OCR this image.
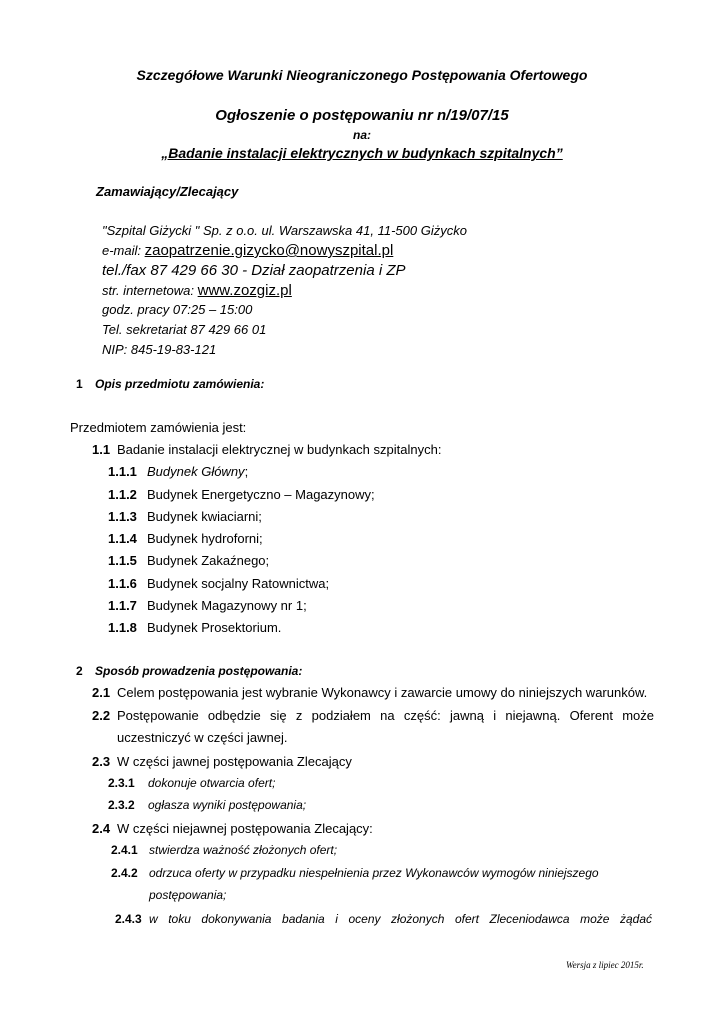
Szczegółowe Warunki Nieograniczonego Postępowania Ofertowego
Ogłoszenie o postępowaniu nr n/19/07/15
na:
„Badanie instalacji elektrycznych w budynkach szpitalnych”
Zamawiający/Zlecający
"Szpital Giżycki " Sp. z o.o. ul. Warszawska 41, 11-500 Giżycko
e-mail: zaopatrzenie.gizycko@nowyszpital.pl
tel./fax 87 429 66 30 - Dział zaopatrzenia i ZP
str. internetowa: www.zozgiz.pl
godz. pracy 07:25 – 15:00
Tel. sekretariat 87 429 66 01
NIP: 845-19-83-121
1 Opis przedmiotu zamówienia:
Przedmiotem zamówienia jest:
1.1 Badanie instalacji elektrycznej w budynkach szpitalnych:
1.1.1 Budynek Główny;
1.1.2 Budynek Energetyczno – Magazynowy;
1.1.3 Budynek kwiaciarni;
1.1.4 Budynek hydroforni;
1.1.5 Budynek Zakaźnego;
1.1.6 Budynek socjalny Ratownictwa;
1.1.7 Budynek Magazynowy nr 1;
1.1.8 Budynek Prosektorium.
2 Sposób prowadzenia postępowania:
2.1 Celem postępowania jest wybranie Wykonawcy i zawarcie umowy do niniejszych warunków.
2.2 Postępowanie odbędzie się z podziałem na część: jawną i niejawną. Oferent może
uczestniczyć w części jawnej.
2.3 W części jawnej postępowania Zlecający
2.3.1 dokonuje otwarcia ofert;
2.3.2 ogłasza wyniki postępowania;
2.4 W części niejawnej postępowania Zlecający:
2.4.1 stwierdza ważność złożonych ofert;
2.4.2 odrzuca oferty w przypadku niespełnienia przez Wykonawców wymogów niniejszego
postępowania;
2.4.3 w toku dokonywania badania i oceny złożonych ofert Zleceniodawca może żądać
Wersja z lipiec 2015r.
